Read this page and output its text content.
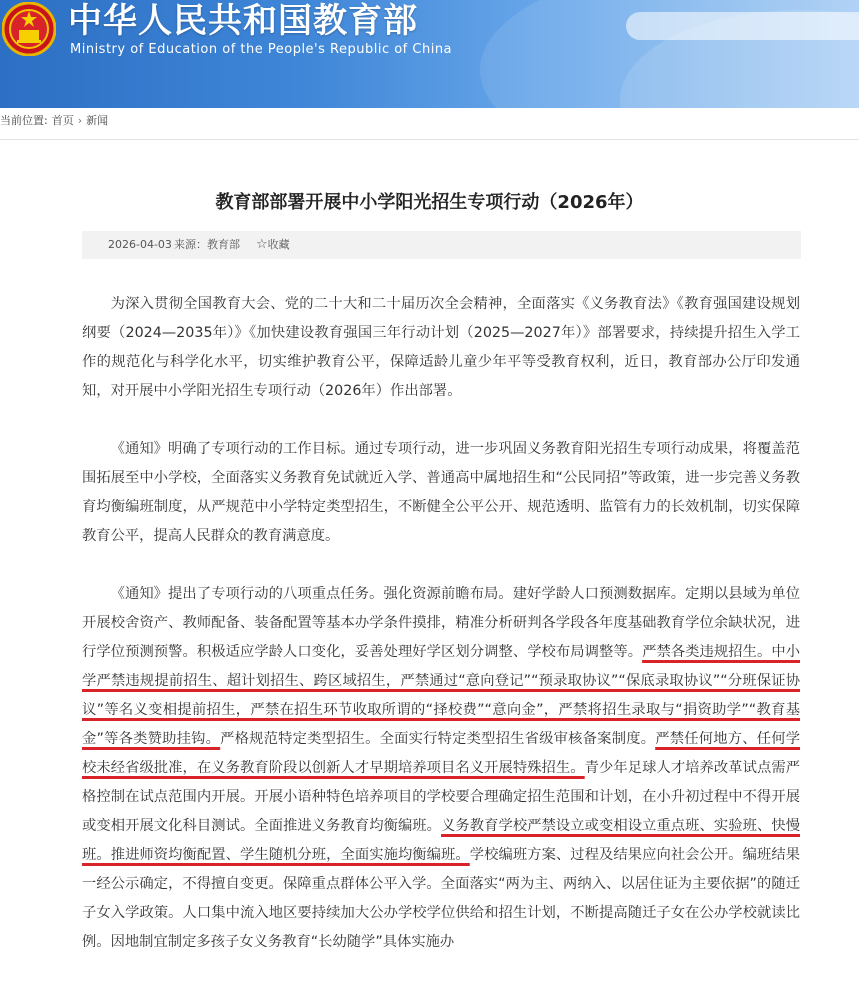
中华人民共和国教育部
Ministry of Education of the People's Republic of China
当前位置: 首页 › 新闻
教育部部署开展中小学阳光招生专项行动（2026年）
2026-04-03 来源：教育部 ☆收藏

为深入贯彻全国教育大会、党的二十大和二十届历次全会精神，全面落实《义务教育法》《教育强国建设规划纲要（2024—2035年）》《加快建设教育强国三年行动计划（2025—2027年）》部署要求，持续提升招生入学工作的规范化与科学化水平，切实维护教育公平，保障适龄儿童少年平等受教育权利，近日，教育部办公厅印发通知，对开展中小学阳光招生专项行动（2026年）作出部署。

《通知》明确了专项行动的工作目标。通过专项行动，进一步巩固义务教育阳光招生专项行动成果，将覆盖范围拓展至中小学校，全面落实义务教育免试就近入学、普通高中属地招生和“公民同招”等政策，进一步完善义务教育均衡编班制度，从严规范中小学特定类型招生，不断健全公平公开、规范透明、监管有力的长效机制，切实保障教育公平，提高人民群众的教育满意度。

《通知》提出了专项行动的八项重点任务。强化资源前瞻布局。建好学龄人口预测数据库。定期以县域为单位开展校舍资产、教师配备、装备配置等基本办学条件摸排，精准分析研判各学段各年度基础教育学位余缺状况，进行学位预测预警。积极适应学龄人口变化，妥善处理好学区划分调整、学校布局调整等。严禁各类违规招生。中小学严禁违规提前招生、超计划招生、跨区域招生，严禁通过“意向登记”“预录取协议”“保底录取协议”“分班保证协议”等名义变相提前招生，严禁在招生环节收取所谓的“择校费”“意向金”，严禁将招生录取与“捐资助学”“教育基金”等各类赞助挂钩。严格规范特定类型招生。全面实行特定类型招生省级审核备案制度。严禁任何地方、任何学校未经省级批准，在义务教育阶段以创新人才早期培养项目名义开展特殊招生。青少年足球人才培养改革试点需严格控制在试点范围内开展。开展小语种特色培养项目的学校要合理确定招生范围和计划，在小升初过程中不得开展或变相开展文化科目测试。全面推进义务教育均衡编班。义务教育学校严禁设立或变相设立重点班、实验班、快慢班。推进师资均衡配置、学生随机分班，全面实施均衡编班。学校编班方案、过程及结果应向社会公开。编班结果一经公示确定，不得擅自变更。保障重点群体公平入学。全面落实“两为主、两纳入、以居住证为主要依据”的随迁子女入学政策。人口集中流入地区要持续加大公办学校学位供给和招生计划，不断提高随迁子女在公办学校就读比例。因地制宜制定多孩子女义务教育“长幼随学”具体实施办
